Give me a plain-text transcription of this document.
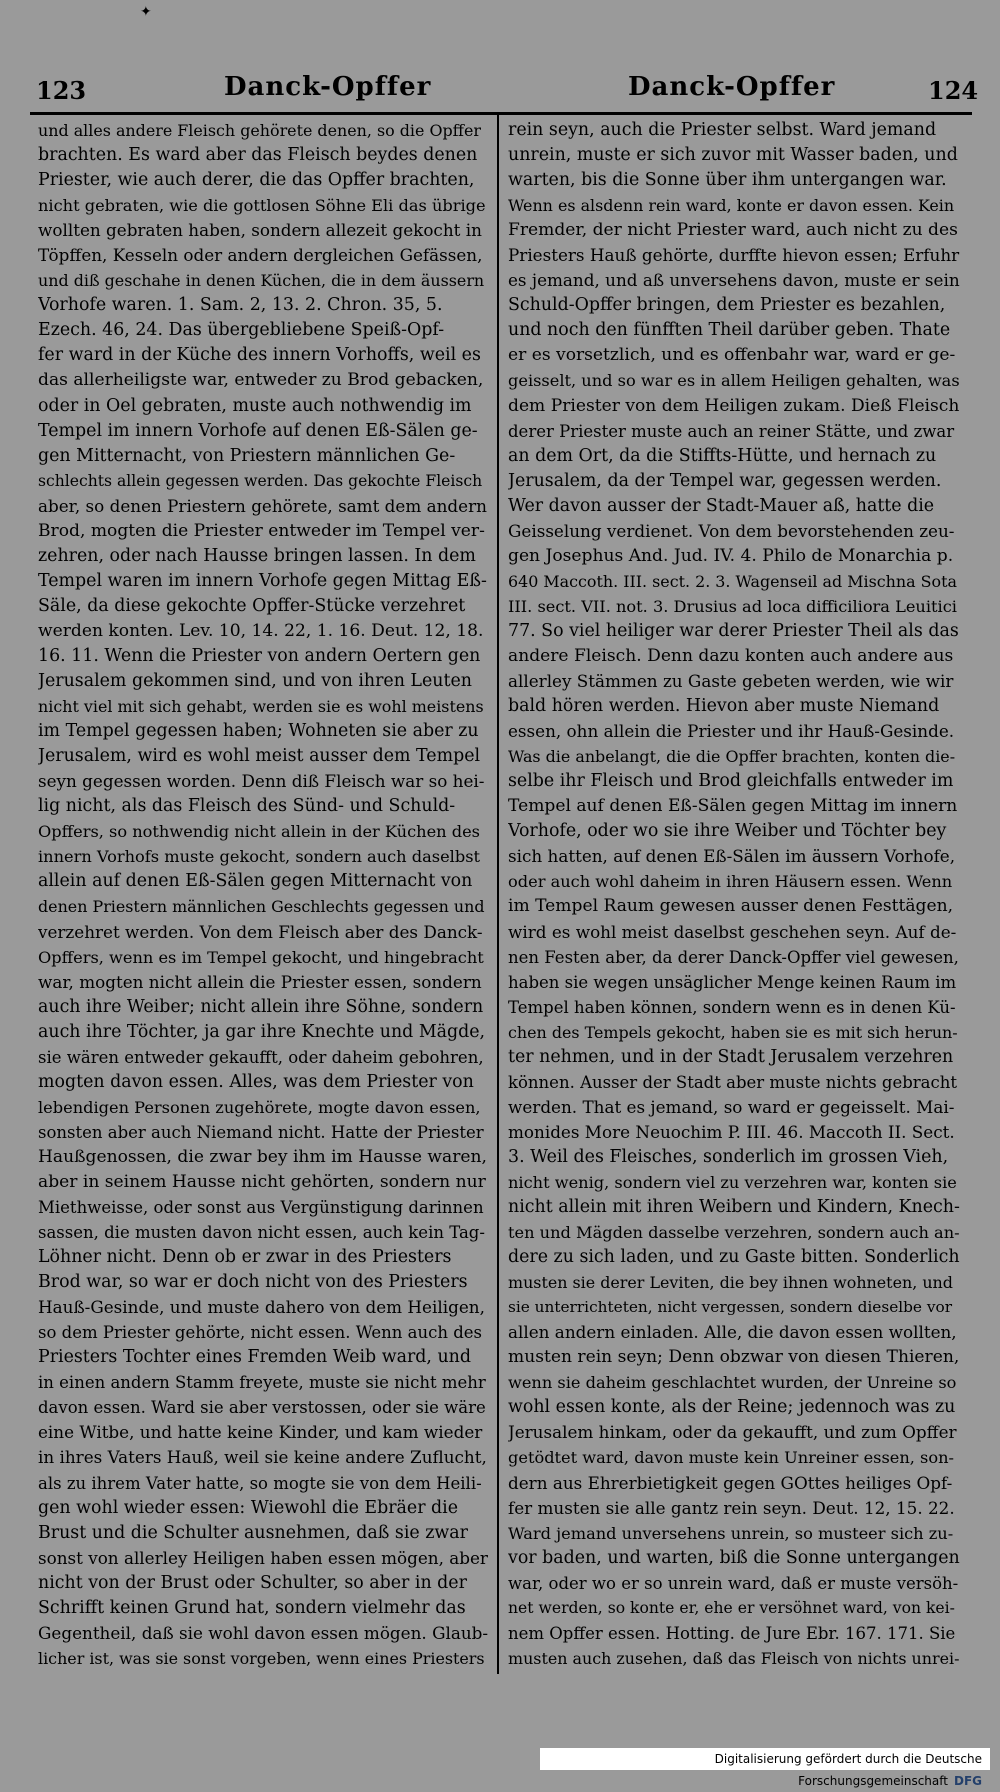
✦
123	Danck-Opffer	Danck-Opffer	124
und alles andere Fleisch gehörete denen, so die Opffer
brachten. Es ward aber das Fleisch beydes denen
Priester, wie auch derer, die das Opffer brachten,
nicht gebraten, wie die gottlosen Söhne Eli das übrige
wollten gebraten haben, sondern allezeit gekocht in
Töpffen, Kesseln oder andern dergleichen Gefässen,
und diß geschahe in denen Küchen, die in dem äussern
Vorhofe waren. 1. Sam. 2, 13. 2. Chron. 35, 5.
Ezech. 46, 24. Das übergebliebene Speiß-Opf-
fer ward in der Küche des innern Vorhoffs, weil es
das allerheiligste war, entweder zu Brod gebacken,
oder in Oel gebraten, muste auch nothwendig im
Tempel im innern Vorhofe auf denen Eß-Sälen ge-
gen Mitternacht, von Priestern männlichen Ge-
schlechts allein gegessen werden. Das gekochte Fleisch
aber, so denen Priestern gehörete, samt dem andern
Brod, mogten die Priester entweder im Tempel ver-
zehren, oder nach Hausse bringen lassen. In dem
Tempel waren im innern Vorhofe gegen Mittag Eß-
Säle, da diese gekochte Opffer-Stücke verzehret
werden konten. Lev. 10, 14. 22, 1. 16. Deut. 12, 18.
16. 11. Wenn die Priester von andern Oertern gen
Jerusalem gekommen sind, und von ihren Leuten
nicht viel mit sich gehabt, werden sie es wohl meistens
im Tempel gegessen haben; Wohneten sie aber zu
Jerusalem, wird es wohl meist ausser dem Tempel
seyn gegessen worden. Denn diß Fleisch war so hei-
lig nicht, als das Fleisch des Sünd- und Schuld-
Opffers, so nothwendig nicht allein in der Küchen des
innern Vorhofs muste gekocht, sondern auch daselbst
allein auf denen Eß-Sälen gegen Mitternacht von
denen Priestern männlichen Geschlechts gegessen und
verzehret werden. Von dem Fleisch aber des Danck-
Opffers, wenn es im Tempel gekocht, und hingebracht
war, mogten nicht allein die Priester essen, sondern
auch ihre Weiber; nicht allein ihre Söhne, sondern
auch ihre Töchter, ja gar ihre Knechte und Mägde,
sie wären entweder gekaufft, oder daheim gebohren,
mogten davon essen. Alles, was dem Priester von
lebendigen Personen zugehörete, mogte davon essen,
sonsten aber auch Niemand nicht. Hatte der Priester
Haußgenossen, die zwar bey ihm im Hausse waren,
aber in seinem Hausse nicht gehörten, sondern nur
Miethweisse, oder sonst aus Vergünstigung darinnen
sassen, die musten davon nicht essen, auch kein Tag-
Löhner nicht. Denn ob er zwar in des Priesters
Brod war, so war er doch nicht von des Priesters
Hauß-Gesinde, und muste dahero von dem Heiligen,
so dem Priester gehörte, nicht essen. Wenn auch des
Priesters Tochter eines Fremden Weib ward, und
in einen andern Stamm freyete, muste sie nicht mehr
davon essen. Ward sie aber verstossen, oder sie wäre
eine Witbe, und hatte keine Kinder, und kam wieder
in ihres Vaters Hauß, weil sie keine andere Zuflucht,
als zu ihrem Vater hatte, so mogte sie von dem Heili-
gen wohl wieder essen: Wiewohl die Ebräer die
Brust und die Schulter ausnehmen, daß sie zwar
sonst von allerley Heiligen haben essen mögen, aber
nicht von der Brust oder Schulter, so aber in der
Schrifft keinen Grund hat, sondern vielmehr das
Gegentheil, daß sie wohl davon essen mögen. Glaub-
licher ist, was sie sonst vorgeben, wenn eines Priesters
rein seyn, auch die Priester selbst. Ward jemand
unrein, muste er sich zuvor mit Wasser baden, und
warten, bis die Sonne über ihm untergangen war.
Wenn es alsdenn rein ward, konte er davon essen. Kein
Fremder, der nicht Priester ward, auch nicht zu des
Priesters Hauß gehörte, durffte hievon essen; Erfuhr
es jemand, und aß unversehens davon, muste er sein
Schuld-Opffer bringen, dem Priester es bezahlen,
und noch den fünfften Theil darüber geben. Thate
er es vorsetzlich, und es offenbahr war, ward er ge-
geisselt, und so war es in allem Heiligen gehalten, was
dem Priester von dem Heiligen zukam. Dieß Fleisch
derer Priester muste auch an reiner Stätte, und zwar
an dem Ort, da die Stiffts-Hütte, und hernach zu
Jerusalem, da der Tempel war, gegessen werden.
Wer davon ausser der Stadt-Mauer aß, hatte die
Geisselung verdienet. Von dem bevorstehenden zeu-
gen Josephus And. Jud. IV. 4. Philo de Monarchia p.
640 Maccoth. III. sect. 2. 3. Wagenseil ad Mischna Sota
III. sect. VII. not. 3. Drusius ad loca difficiliora Leuitici
77. So viel heiliger war derer Priester Theil als das
andere Fleisch. Denn dazu konten auch andere aus
allerley Stämmen zu Gaste gebeten werden, wie wir
bald hören werden. Hievon aber muste Niemand
essen, ohn allein die Priester und ihr Hauß-Gesinde.
Was die anbelangt, die die Opffer brachten, konten die-
selbe ihr Fleisch und Brod gleichfalls entweder im
Tempel auf denen Eß-Sälen gegen Mittag im innern
Vorhofe, oder wo sie ihre Weiber und Töchter bey
sich hatten, auf denen Eß-Sälen im äussern Vorhofe,
oder auch wohl daheim in ihren Häusern essen. Wenn
im Tempel Raum gewesen ausser denen Festtägen,
wird es wohl meist daselbst geschehen seyn. Auf de-
nen Festen aber, da derer Danck-Opffer viel gewesen,
haben sie wegen unsäglicher Menge keinen Raum im
Tempel haben können, sondern wenn es in denen Kü-
chen des Tempels gekocht, haben sie es mit sich herun-
ter nehmen, und in der Stadt Jerusalem verzehren
können. Ausser der Stadt aber muste nichts gebracht
werden. That es jemand, so ward er gegeisselt. Mai-
monides More Neuochim P. III. 46. Maccoth II. Sect.
3. Weil des Fleisches, sonderlich im grossen Vieh,
nicht wenig, sondern viel zu verzehren war, konten sie
nicht allein mit ihren Weibern und Kindern, Knech-
ten und Mägden dasselbe verzehren, sondern auch an-
dere zu sich laden, und zu Gaste bitten. Sonderlich
musten sie derer Leviten, die bey ihnen wohneten, und
sie unterrichteten, nicht vergessen, sondern dieselbe vor
allen andern einladen. Alle, die davon essen wollten,
musten rein seyn; Denn obzwar von diesen Thieren,
wenn sie daheim geschlachtet wurden, der Unreine so
wohl essen konte, als der Reine; jedennoch was zu
Jerusalem hinkam, oder da gekaufft, und zum Opffer
getödtet ward, davon muste kein Unreiner essen, son-
dern aus Ehrerbietigkeit gegen GOttes heiliges Opf-
fer musten sie alle gantz rein seyn. Deut. 12, 15. 22.
Ward jemand unversehens unrein, so musteer sich zu-
vor baden, und warten, biß die Sonne untergangen
war, oder wo er so unrein ward, daß er muste versöh-
net werden, so konte er, ehe er versöhnet ward, von kei-
nem Opffer essen. Hotting. de Jure Ebr. 167. 171. Sie
musten auch zusehen, daß das Fleisch von nichts unrei-
Digitalisierung gefördert durch die Deutsche Forschungsgemeinschaft DFG
